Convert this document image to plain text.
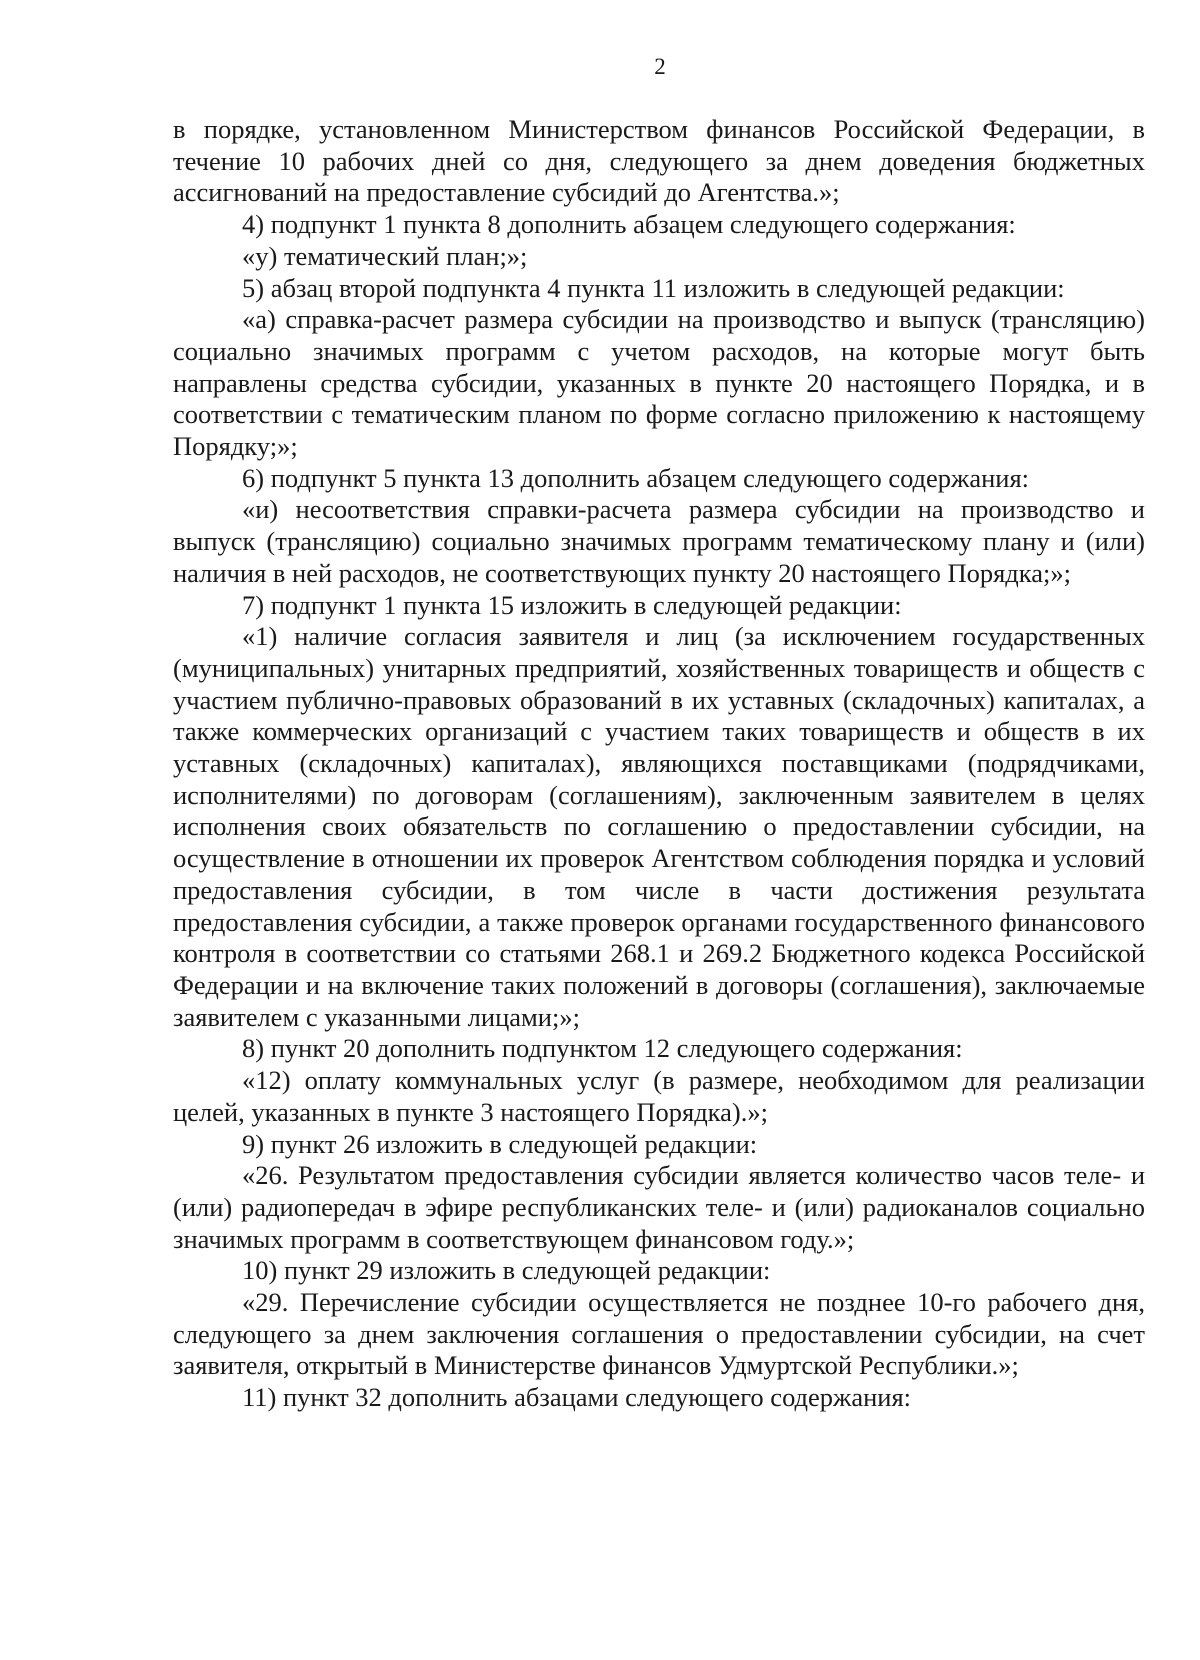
2

в порядке, установленном Министерством финансов Российской Федерации, в течение 10 рабочих дней со дня, следующего за днем доведения бюджетных ассигнований на предоставление субсидий до Агентства.»;

4) подпункт 1 пункта 8 дополнить абзацем следующего содержания:

«у) тематический план;»;

5) абзац второй подпункта 4 пункта 11 изложить в следующей редакции:

«а) справка-расчет размера субсидии на производство и выпуск (трансляцию) социально значимых программ с учетом расходов, на которые могут быть направлены средства субсидии, указанных в пункте 20 настоящего Порядка, и в соответствии с тематическим планом по форме согласно приложению к настоящему Порядку;»;

6) подпункт 5 пункта 13 дополнить абзацем следующего содержания:

«и) несоответствия справки-расчета размера субсидии на производство и выпуск (трансляцию) социально значимых программ тематическому плану и (или) наличия в ней расходов, не соответствующих пункту 20 настоящего Порядка;»;

7) подпункт 1 пункта 15 изложить в следующей редакции:

«1) наличие согласия заявителя и лиц (за исключением государственных (муниципальных) унитарных предприятий, хозяйственных товариществ и обществ с участием публично-правовых образований в их уставных (складочных) капиталах, а также коммерческих организаций с участием таких товариществ и обществ в их уставных (складочных) капиталах), являющихся поставщиками (подрядчиками, исполнителями) по договорам (соглашениям), заключенным заявителем в целях исполнения своих обязательств по соглашению о предоставлении субсидии, на осуществление в отношении их проверок Агентством соблюдения порядка и условий предоставления субсидии, в том числе в части достижения результата предоставления субсидии, а также проверок органами государственного финансового контроля в соответствии со статьями 268.1 и 269.2 Бюджетного кодекса Российской Федерации и на включение таких положений в договоры (соглашения), заключаемые заявителем с указанными лицами;»;

8) пункт 20 дополнить подпунктом 12 следующего содержания:

«12) оплату коммунальных услуг (в размере, необходимом для реализации целей, указанных в пункте 3 настоящего Порядка).»;

9) пункт 26 изложить в следующей редакции:

«26. Результатом предоставления субсидии является количество часов теле- и (или) радиопередач в эфире республиканских теле- и (или) радиоканалов социально значимых программ в соответствующем финансовом году.»;

10) пункт 29 изложить в следующей редакции:

«29. Перечисление субсидии осуществляется не позднее 10-го рабочего дня, следующего за днем заключения соглашения о предоставлении субсидии, на счет заявителя, открытый в Министерстве финансов Удмуртской Республики.»;

11) пункт 32 дополнить абзацами следующего содержания:
